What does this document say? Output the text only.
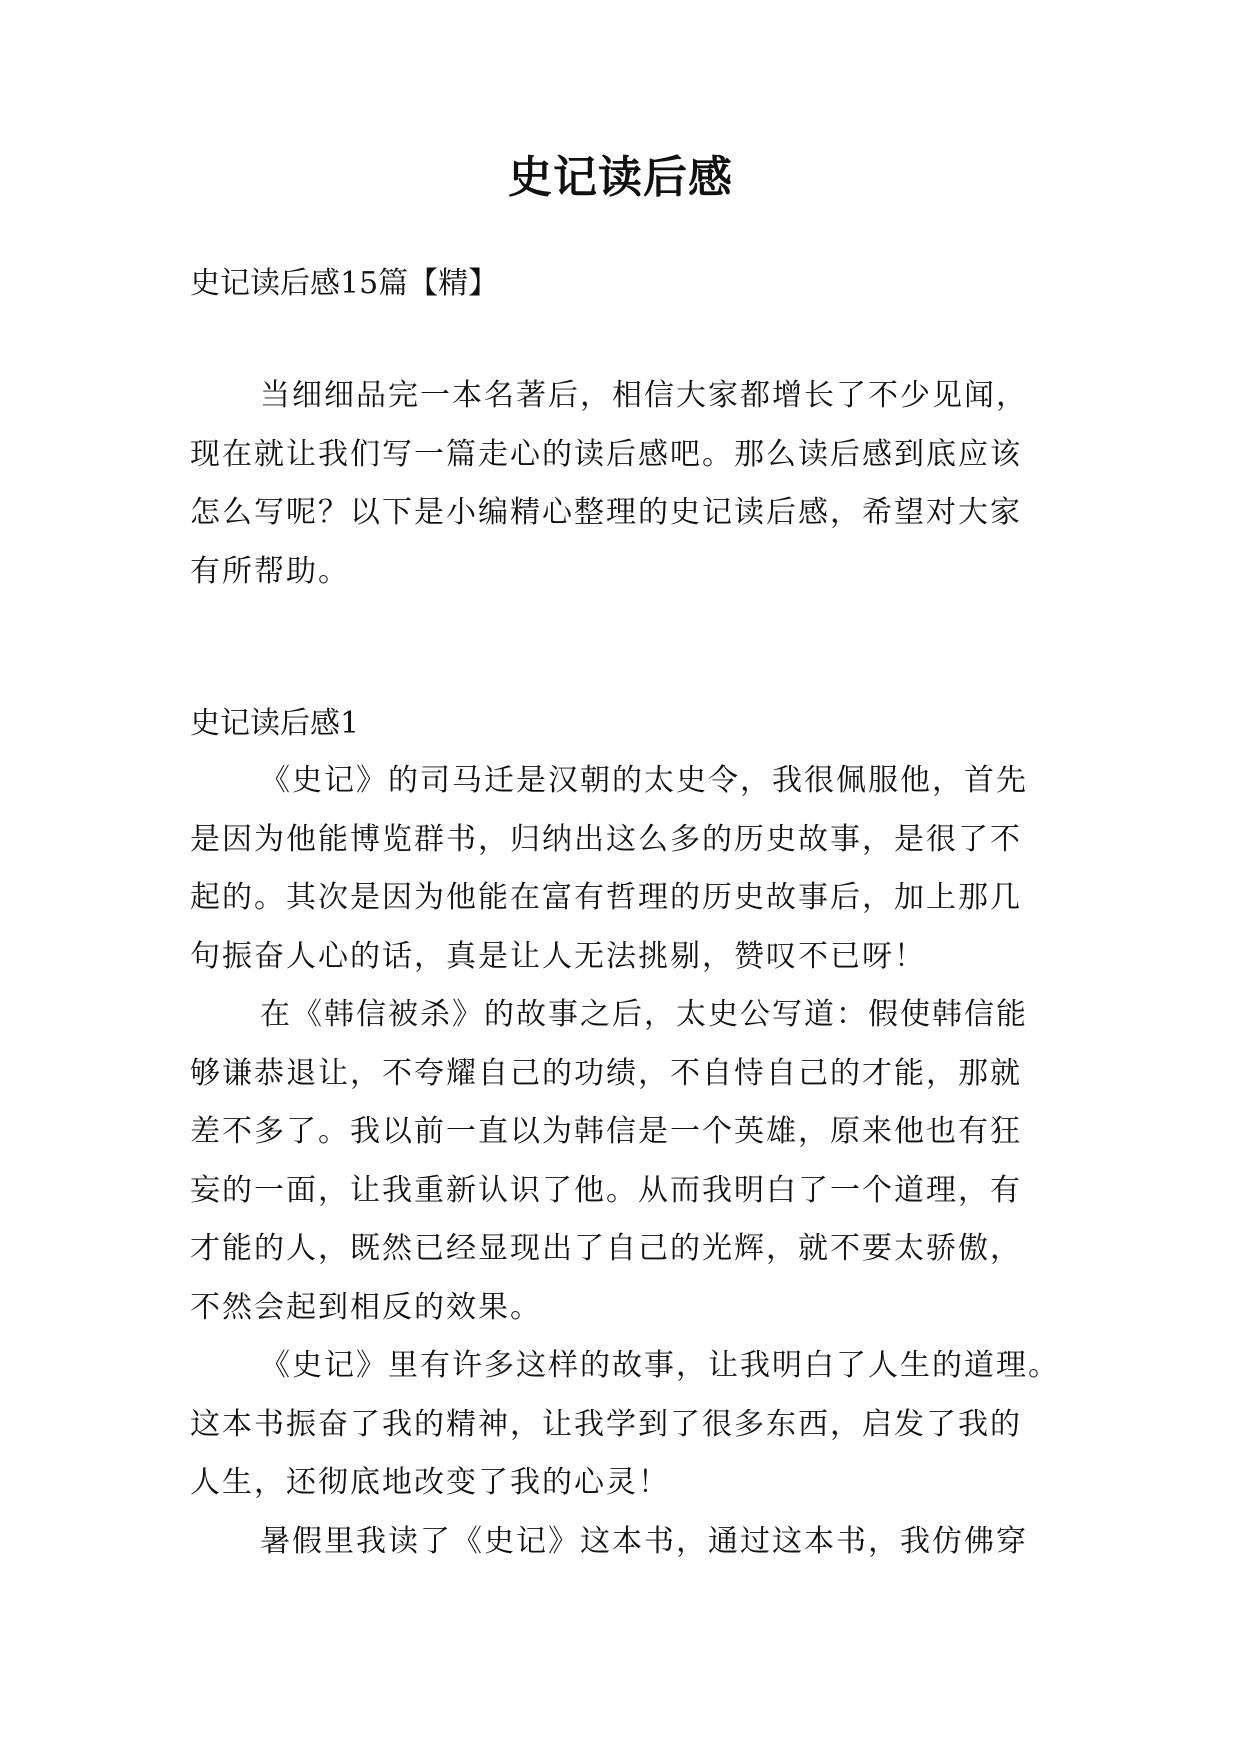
史记读后感
史记读后感15篇【精】
当细细品完一本名著后，相信大家都增长了不少见闻，
现在就让我们写一篇走心的读后感吧。那么读后感到底应该
怎么写呢？以下是小编精心整理的史记读后感，希望对大家
有所帮助。
史记读后感1
《史记》的司马迁是汉朝的太史令，我很佩服他，首先
是因为他能博览群书，归纳出这么多的历史故事，是很了不
起的。其次是因为他能在富有哲理的历史故事后，加上那几
句振奋人心的话，真是让人无法挑剔，赞叹不已呀！
在《韩信被杀》的故事之后，太史公写道：假使韩信能
够谦恭退让，不夸耀自己的功绩，不自恃自己的才能，那就
差不多了。我以前一直以为韩信是一个英雄，原来他也有狂
妄的一面，让我重新认识了他。从而我明白了一个道理，有
才能的人，既然已经显现出了自己的光辉，就不要太骄傲，
不然会起到相反的效果。
《史记》里有许多这样的故事，让我明白了人生的道理。
这本书振奋了我的精神，让我学到了很多东西，启发了我的
人生，还彻底地改变了我的心灵！
暑假里我读了《史记》这本书，通过这本书，我仿佛穿
